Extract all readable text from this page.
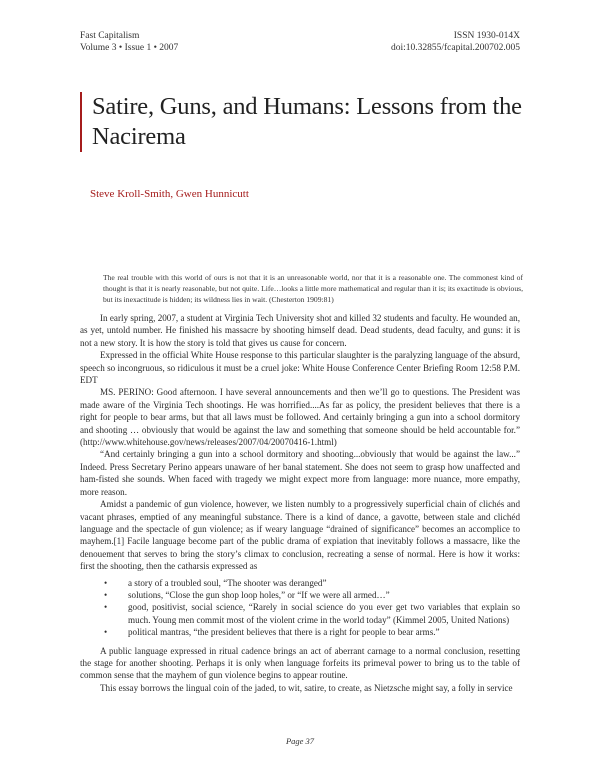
Fast Capitalism
Volume 3 • Issue 1 • 2007
ISSN 1930-014X
doi:10.32855/fcapital.200702.005
Satire, Guns, and Humans: Lessons from the Nacirema
Steve Kroll-Smith, Gwen Hunnicutt
The real trouble with this world of ours is not that it is an unreasonable world, nor that it is a reasonable one. The commonest kind of thought is that it is nearly reasonable, but not quite. Life…looks a little more mathematical and regular than it is; its exactitude is obvious, but its inexactitude is hidden; its wildness lies in wait. (Chesterton 1909:81)

In early spring, 2007, a student at Virginia Tech University shot and killed 32 students and faculty. He wounded an, as yet, untold number. He finished his massacre by shooting himself dead. Dead students, dead faculty, and guns: it is not a new story. It is how the story is told that gives us cause for concern.

Expressed in the official White House response to this particular slaughter is the paralyzing language of the absurd, speech so incongruous, so ridiculous it must be a cruel joke: White House Conference Center Briefing Room 12:58 P.M. EDT

MS. PERINO: Good afternoon. I have several announcements and then we’ll go to questions. The President was made aware of the Virginia Tech shootings. He was horrified....As far as policy, the president believes that there is a right for people to bear arms, but that all laws must be followed. And certainly bringing a gun into a school dormitory and shooting … obviously that would be against the law and something that someone should be held accountable for.” (http://www.whitehouse.gov/news/releases/2007/04/20070416-1.html)

“And certainly bringing a gun into a school dormitory and shooting...obviously that would be against the law...” Indeed. Press Secretary Perino appears unaware of her banal statement. She does not seem to grasp how unaffected and ham-fisted she sounds. When faced with tragedy we might expect more from language: more nuance, more empathy, more reason.

Amidst a pandemic of gun violence, however, we listen numbly to a progressively superficial chain of clichés and vacant phrases, emptied of any meaningful substance. There is a kind of dance, a gavotte, between stale and clichéd language and the spectacle of gun violence; as if weary language “drained of significance” becomes an accomplice to mayhem.[1] Facile language become part of the public drama of expiation that inevitably follows a massacre, like the denouement that serves to bring the story’s climax to conclusion, recreating a sense of normal. Here is how it works: first the shooting, then the catharsis expressed as

• a story of a troubled soul, “The shooter was deranged”
• solutions, “Close the gun shop loop holes,” or “If we were all armed…”
• good, positivist, social science, “Rarely in social science do you ever get two variables that explain so much. Young men commit most of the violent crime in the world today” (Kimmel 2005, United Nations)
• political mantras, “the president believes that there is a right for people to bear arms.”

A public language expressed in ritual cadence brings an act of aberrant carnage to a normal conclusion, resetting the stage for another shooting. Perhaps it is only when language forfeits its primeval power to bring us to the table of common sense that the mayhem of gun violence begins to appear routine.

This essay borrows the lingual coin of the jaded, to wit, satire, to create, as Nietzsche might say, a folly in service

Page 37
